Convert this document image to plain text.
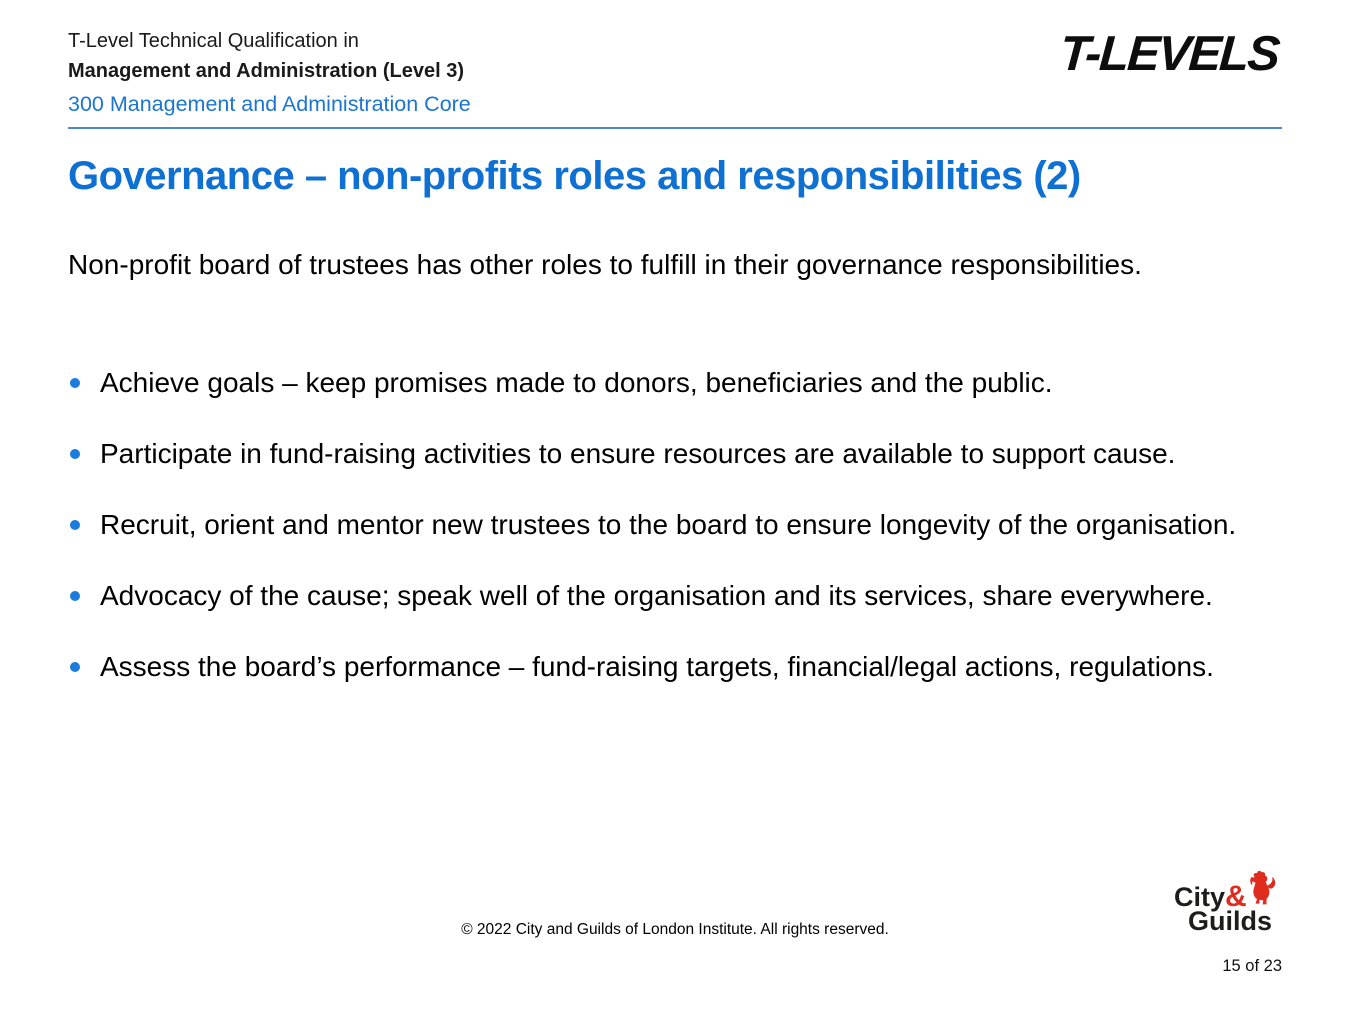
T-Level Technical Qualification in
Management and Administration (Level 3)
300 Management and Administration Core
T-LEVELS
Governance – non-profits roles and responsibilities (2)

Non-profit board of trustees has other roles to fulfill in their governance responsibilities.

Achieve goals – keep promises made to donors, beneficiaries and the public.
Participate in fund-raising activities to ensure resources are available to support cause.
Recruit, orient and mentor new trustees to the board to ensure longevity of the organisation.
Advocacy of the cause; speak well of the organisation and its services, share everywhere.
Assess the board’s performance – fund-raising targets, financial/legal actions, regulations.
© 2022 City and Guilds of London Institute. All rights reserved.
City&
Guilds
15 of 23
